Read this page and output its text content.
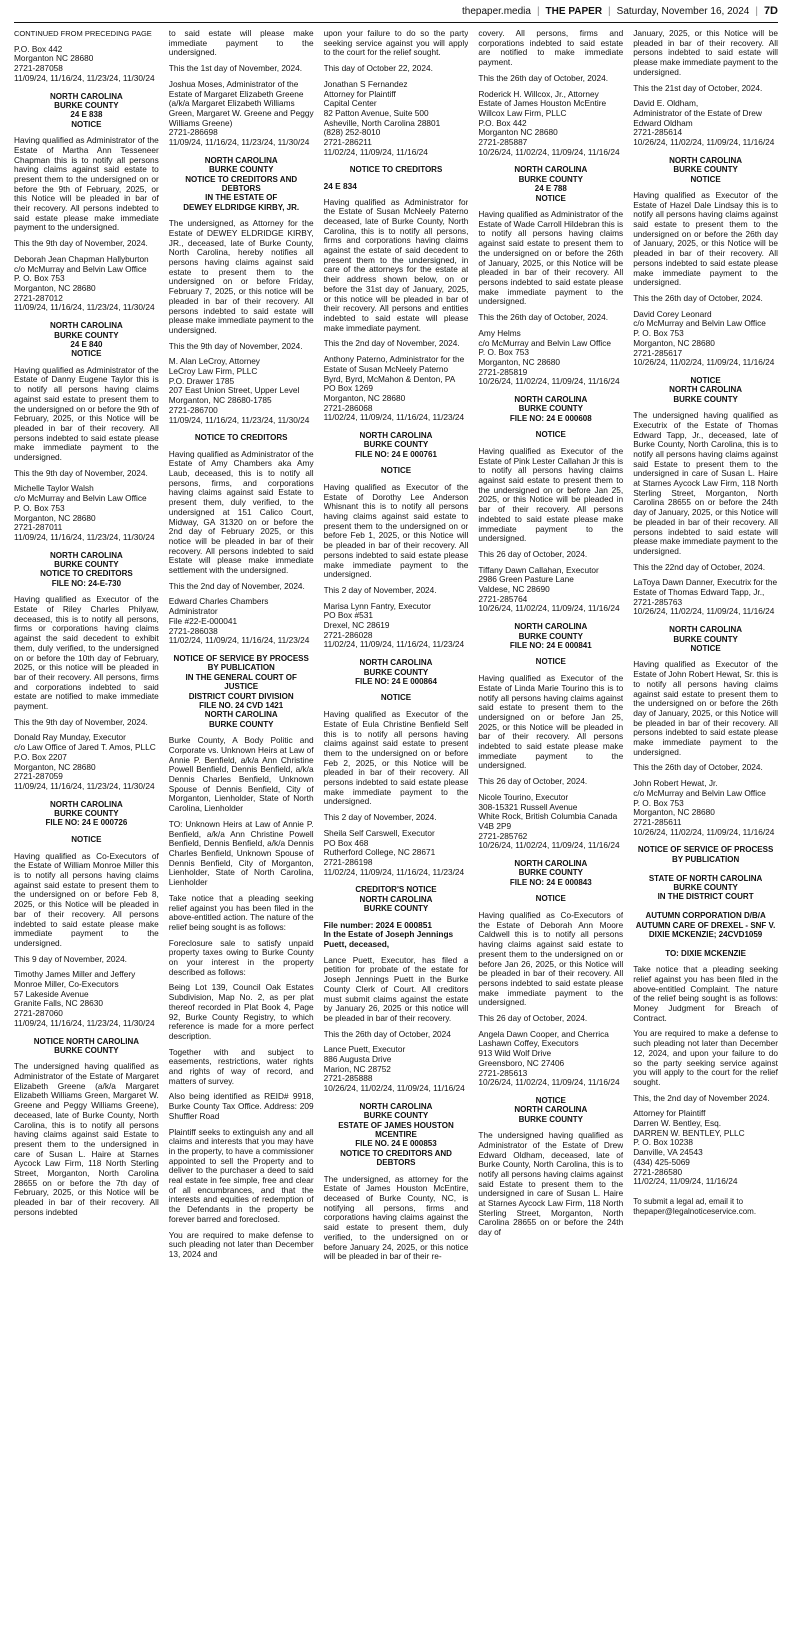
thepaper.media | THE PAPER | Saturday, November 16, 2024 | 7D
CONTINUED FROM PRECEDING PAGE
P.O. Box 442
Morganton NC 28680
2721-287058
11/09/24, 11/16/24, 11/23/24, 11/30/24
NORTH CAROLINA
BURKE COUNTY
24 E 838
NOTICE

Having qualified as Administrator of the Estate of Martha Ann Tesseneer Chapman this is to notify all persons having claims against said estate to present them to the undersigned on or before the 9th of February, 2025, or this Notice will be pleaded in bar of their recovery. All persons indebted to said estate please make immediate payment to the undersigned.

This the 9th day of November, 2024.

Deborah Jean Chapman Hallyburton
c/o McMurray and Belvin Law Office
P. O. Box 753
Morganton, NC 28680
2721-287012
11/09/24, 11/16/24, 11/23/24, 11/30/24
NORTH CAROLINA
BURKE COUNTY
24 E 840
NOTICE

Having qualified as Administrator of the Estate of Danny Eugene Taylor this is to notify all persons having claims against said estate to present them to the undersigned on or before the 9th of February, 2025, or this Notice will be pleaded in bar of their recovery. All persons indebted to said estate please make immediate payment to the undersigned.

This the 9th day of November, 2024.

Michelle Taylor Walsh
c/o McMurray and Belvin Law Office
P. O. Box 753
Morganton, NC 28680
2721-287011
11/09/24, 11/16/24, 11/23/24, 11/30/24
NORTH CAROLINA
BURKE COUNTY
NOTICE TO CREDITORS
FILE NO: 24-E-730

Having qualified as Executor of the Estate of Riley Charles Philyaw, deceased, this is to notify all persons, firms or corporations having claims against the said decedent to exhibit them, duly verified, to the undersigned on or before the 10th day of February, 2025, or this notice will be pleaded in bar of their recovery. All persons, firms and corporations indebted to said estate are notified to make immediate payment.

This the 9th day of November, 2024.

Donald Ray Munday, Executor
c/o Law Office of Jared T. Amos, PLLC
P.O. Box 2207
Morganton, NC 28680
2721-287059
11/09/24, 11/16/24, 11/23/24, 11/30/24
NORTH CAROLINA
BURKE COUNTY
FILE NO: 24 E 000726
NOTICE

Having qualified as Co-Executors of the Estate of William Monroe Miller this is to notify all persons having claims against said estate to present them to the undersigned on or before Feb 8, 2025, or this Notice will be pleaded in bar of their recovery. All persons indebted to said estate please make immediate payment to the undersigned.

This 9 day of November, 2024.

Timothy James Miller and Jeffery Monroe Miller, Co-Executors
57 Lakeside Avenue
Granite Falls, NC 28630
2721-287060
11/09/24, 11/16/24, 11/23/24, 11/30/24
NOTICE NORTH CAROLINA
BURKE COUNTY

The undersigned having qualified as Administrator of the Estate of Margaret Elizabeth Greene (a/k/a Margaret Elizabeth Williams Green, Margaret W. Greene and Peggy Williams Greene), deceased, late of Burke County, North Carolina, this is to notify all persons having claims against said Estate to present them to the undersigned in care of Susan L. Haire at Starnes Aycock Law Firm, 118 North Sterling Street, Morganton, North Carolina 28655 on or before the 7th day of February, 2025, or this Notice will be pleaded in bar of their recovery. All persons indebted

to said estate will please make immediate payment to the undersigned.

This the 1st day of November, 2024.

Joshua Moses, Administrator of the Estate of Margaret Elizabeth Greene (a/k/a Margaret Elizabeth Williams Green, Margaret W. Greene and Peggy Williams Greene)
2721-286698
11/09/24, 11/16/24, 11/23/24, 11/30/24
NORTH CAROLINA
BURKE COUNTY
NOTICE TO CREDITORS AND DEBTORS
IN THE ESTATE OF
DEWEY ELDRIDGE KIRBY, JR.

The undersigned, as Attorney for the Estate of DEWEY ELDRIDGE KIRBY, JR., deceased, late of Burke County, North Carolina, hereby notifies all persons having claims against said estate to present them to the undersigned on or before Friday, February 7, 2025, or this notice will be pleaded in bar of their recovery. All persons indebted to said estate will please make immediate payment to the undersigned.

This the 9th day of November, 2024.

M. Alan LeCroy, Attorney
LeCroy Law Firm, PLLC
P.O. Drawer 1785
207 East Union Street, Upper Level
Morganton, NC 28680-1785
2721-286700
11/09/24, 11/16/24, 11/23/24, 11/30/24
NOTICE TO CREDITORS

Having qualified as Administrator of the Estate of Amy Chambers aka Amy Laub, deceased, this is to notify all persons, firms, and corporations having claims against said Estate to present them, duly verified, to the undersigned at 151 Calico Court, Midway, GA 31320 on or before the 2nd day of February 2025, or this notice will be pleaded in bar of their recovery. All persons indebted to said Estate will please make immediate settlement with the undersigned.

This the 2nd day of November, 2024.

Edward Charles Chambers
Administrator
File #22-E-000041
2721-286038
11/02/24, 11/09/24, 11/16/24, 11/23/24
NOTICE OF SERVICE BY PROCESS BY PUBLICATION
IN THE GENERAL COURT OF JUSTICE
DISTRICT COURT DIVISION
FILE NO. 24 CVD 1421
NORTH CAROLINA
BURKE COUNTY

Burke County, A Body Politic and Corporate vs. Unknown Heirs at Law of Annie P. Benfield, a/k/a Ann Christine Powell Benfield, Dennis Benfield, a/k/a Dennis Charles Benfield, Unknown Spouse of Dennis Benfield, City of Morganton, Lienholder, State of North Carolina, Lienholder

TO: Unknown Heirs at Law of Annie P. Benfield, a/k/a Ann Christine Powell Benfield, Dennis Benfield, a/k/a Dennis Charles Benfield, Unknown Spouse of Dennis Benfield, City of Morganton, Lienholder, State of North Carolina, Lienholder

Take notice that a pleading seeking relief against you has been filed in the above-entitled action. The nature of the relief being sought is as follows:

Foreclosure sale to satisfy unpaid property taxes owing to Burke County on your interest in the property described as follows:

Being Lot 139, Council Oak Estates Subdivision, Map No. 2, as per plat thereof recorded in Plat Book 4, Page 92, Burke County Registry, to which reference is made for a more perfect description.

Together with and subject to easements, restrictions, water rights and rights of way of record, and matters of survey.

Also being identified as REID# 9918, Burke County Tax Office. Address: 209 Shuffler Road

Plaintiff seeks to extinguish any and all claims and interests that you may have in the property, to have a commissioner appointed to sell the Property and to deliver to the purchaser a deed to said real estate in fee simple, free and clear of all encumbrances, and that the interests and equities of redemption of the Defendants in the property be forever barred and foreclosed.

You are required to make defense to such pleading not later than December 13, 2024 and

upon your failure to do so the party seeking service against you will apply to the court for the relief sought.

This day of October 22, 2024.

Jonathan S Fernandez
Attorney for Plaintiff
Capital Center
82 Patton Avenue, Suite 500
Asheville, North Carolina 28801
(828) 252-8010
2721-286211
11/02/24, 11/09/24, 11/16/24
NOTICE TO CREDITORS
24 E 834

Having qualified as Administrator for the Estate of Susan McNeely Paterno deceased, late of Burke County, North Carolina, this is to notify all persons, firms and corporations having claims against the estate of said decedent to present them to the undersigned, in care of the attorneys for the estate at their address shown below, on or before the 31st day of January, 2025, or this notice will be pleaded in bar of their recovery. All persons and entities indebted to said estate will please make immediate payment.

This the 2nd day of November, 2024.

Anthony Paterno, Administrator for the Estate of Susan McNeely Paterno
Byrd, Byrd, McMahon & Denton, PA
PO Box 1269
Morganton, NC 28680
2721-286068
11/02/24, 11/09/24, 11/16/24, 11/23/24
NORTH CAROLINA
BURKE COUNTY
FILE NO: 24 E 000761
NOTICE

Having qualified as Executor of the Estate of Dorothy Lee Anderson Whisnant this is to notify all persons having claims against said estate to present them to the undersigned on or before Feb 1, 2025, or this Notice will be pleaded in bar of their recovery. All persons indebted to said estate please make immediate payment to the undersigned.

This 2 day of November, 2024.

Marisa Lynn Fantry, Executor
PO Box #531
Drexel, NC 28619
2721-286028
11/02/24, 11/09/24, 11/16/24, 11/23/24
NORTH CAROLINA
BURKE COUNTY
FILE NO: 24 E 000864
NOTICE

Having qualified as Executor of the Estate of Eula Christine Benfield Self this is to notify all persons having claims against said estate to present them to the undersigned on or before Feb 2, 2025, or this Notice will be pleaded in bar of their recovery. All persons indebted to said estate please make immediate payment to the undersigned.

This 2 day of November, 2024.

Sheila Self Carswell, Executor
PO Box 468
Rutherford College, NC 28671
2721-286198
11/02/24, 11/09/24, 11/16/24, 11/23/24
CREDITOR'S NOTICE
NORTH CAROLINA
BURKE COUNTY
File number: 2024 E 000851
In the Estate of Joseph Jennings Puett, deceased,

Lance Puett, Executor, has filed a petition for probate of the estate for Joseph Jennings Puett in the Burke County Clerk of Court. All creditors must submit claims against the estate by January 26, 2025 or this notice will be pleaded in bar of their recovery.

This the 26th day of October, 2024

Lance Puett, Executor
886 Augusta Drive
Marion, NC 28752
2721-285888
10/26/24, 11/02/24, 11/09/24, 11/16/24
NORTH CAROLINA
BURKE COUNTY
ESTATE OF JAMES HOUSTON MCENTIRE
FILE NO. 24 E 000853
NOTICE TO CREDITORS AND DEBTORS

The undersigned, as attorney for the Estate of James Houston McEntire, deceased of Burke County, NC, is notifying all persons, firms and corporations having claims against the said estate to present them, duly verified, to the undersigned on or before January 24, 2025, or this notice will be pleaded in bar of their re-

covery. All persons, firms and corporations indebted to said estate are notified to make immediate payment.

This the 26th day of October, 2024.

Roderick H. Willcox, Jr., Attorney
Estate of James Houston McEntire
Willcox Law Firm, PLLC
P.O. Box 442
Morganton NC 28680
2721-285887
10/26/24, 11/02/24, 11/09/24, 11/16/24
NORTH CAROLINA
BURKE COUNTY
24 E 788
NOTICE

Having qualified as Administrator of the Estate of Wade Carroll Hildebran this is to notify all persons having claims against said estate to present them to the undersigned on or before the 26th of January, 2025, or this Notice will be pleaded in bar of their recovery. All persons indebted to said estate please make immediate payment to the undersigned.

This the 26th day of October, 2024.

Amy Helms
c/o McMurray and Belvin Law Office
P. O. Box 753
Morganton, NC 28680
2721-285819
10/26/24, 11/02/24, 11/09/24, 11/16/24
NORTH CAROLINA
BURKE COUNTY
FILE NO: 24 E 000608
NOTICE

Having qualified as Executor of the Estate of Pink Lester Callahan Jr this is to notify all persons having claims against said estate to present them to the undersigned on or before Jan 25, 2025, or this Notice will be pleaded in bar of their recovery. All persons indebted to said estate please make immediate payment to the undersigned.

This 26 day of October, 2024.

Tiffany Dawn Callahan, Executor
2986 Green Pasture Lane
Valdese, NC 28690
2721-285764
10/26/24, 11/02/24, 11/09/24, 11/16/24
NORTH CAROLINA
BURKE COUNTY
FILE NO: 24 E 000841
NOTICE

Having qualified as Executor of the Estate of Linda Marie Tourino this is to notify all persons having claims against said estate to present them to the undersigned on or before Jan 25, 2025, or this Notice will be pleaded in bar of their recovery. All persons indebted to said estate please make immediate payment to the undersigned.

This 26 day of October, 2024.

Nicole Tourino, Executor
308-15321 Russell Avenue
White Rock, British Columbia Canada V4B 2P9
2721-285762
10/26/24, 11/02/24, 11/09/24, 11/16/24
NORTH CAROLINA
BURKE COUNTY
FILE NO: 24 E 000843
NOTICE

Having qualified as Co-Executors of the Estate of Deborah Ann Moore Caldwell this is to notify all persons having claims against said estate to present them to the undersigned on or before Jan 26, 2025, or this Notice will be pleaded in bar of their recovery. All persons indebted to said estate please make immediate payment to the undersigned.

This 26 day of October, 2024.

Angela Dawn Cooper, and Cherrica Lashawn Coffey, Executors
913 Wild Wolf Drive
Greensboro, NC 27406
2721-285613
10/26/24, 11/02/24, 11/09/24, 11/16/24
NOTICE
NORTH CAROLINA
BURKE COUNTY

The undersigned having qualified as Administrator of the Estate of Drew Edward Oldham, deceased, late of Burke County, North Carolina, this is to notify all persons having claims against said Estate to present them to the undersigned in care of Susan L. Haire at Starnes Aycock Law Firm, 118 North Sterling Street, Morganton, North Carolina 28655 on or before the 24th day of

January, 2025, or this Notice will be pleaded in bar of their recovery. All persons indebted to said estate will please make immediate payment to the undersigned.

This the 21st day of October, 2024.

David E. Oldham,
Administrator of the Estate of Drew Edward Oldham
2721-285614
10/26/24, 11/02/24, 11/09/24, 11/16/24
NORTH CAROLINA
BURKE COUNTY
NOTICE

Having qualified as Executor of the Estate of Hazel Dale Lindsay this is to notify all persons having claims against said estate to present them to the undersigned on or before the 26th day of January, 2025, or this Notice will be pleaded in bar of their recovery. All persons indebted to said estate please make immediate payment to the undersigned.

This the 26th day of October, 2024.

David Corey Leonard
c/o McMurray and Belvin Law Office
P. O. Box 753
Morganton, NC 28680
2721-285617
10/26/24, 11/02/24, 11/09/24, 11/16/24
NOTICE
NORTH CAROLINA
BURKE COUNTY

The undersigned having qualified as Executrix of the Estate of Thomas Edward Tapp, Jr., deceased, late of Burke County, North Carolina, this is to notify all persons having claims against said Estate to present them to the undersigned in care of Susan L. Haire at Starnes Aycock Law Firm, 118 North Sterling Street, Morganton, North Carolina 28655 on or before the 24th day of January, 2025, or this Notice will be pleaded in bar of their recovery. All persons indebted to said estate will please make immediate payment to the undersigned.

This the 22nd day of October, 2024.

LaToya Dawn Danner, Executrix for the Estate of Thomas Edward Tapp, Jr.,
2721-285763
10/26/24, 11/02/24, 11/09/24, 11/16/24
NORTH CAROLINA
BURKE COUNTY
NOTICE

Having qualified as Executor of the Estate of John Robert Hewat, Sr. this is to notify all persons having claims against said estate to present them to the undersigned on or before the 26th day of January, 2025, or this Notice will be pleaded in bar of their recovery. All persons indebted to said estate please make immediate payment to the undersigned.

This the 26th day of October, 2024.

John Robert Hewat, Jr.
c/o McMurray and Belvin Law Office
P. O. Box 753
Morganton, NC 28680
2721-285611
10/26/24, 11/02/24, 11/09/24, 11/16/24
NOTICE OF SERVICE OF PROCESS BY PUBLICATION

STATE OF NORTH CAROLINA
BURKE COUNTY
IN THE DISTRICT COURT

AUTUMN CORPORATION D/B/A AUTUMN CARE OF DREXEL - SNF V. DIXIE MCKENZIE; 24CVD1059

TO: DIXIE MCKENZIE

Take notice that a pleading seeking relief against you has been filed in the above-entitled Complaint. The nature of the relief being sought is as follows: Money Judgment for Breach of Contract.

You are required to make a defense to such pleading not later than December 12, 2024, and upon your failure to do so the party seeking service against you will apply to the court for the relief sought.

This, the 2nd day of November 2024.

Attorney for Plaintiff
Darren W. Bentley, Esq.
DARREN W. BENTLEY, PLLC
P. O. Box 10238
Danville, VA 24543
(434) 425-5069
2721-286580
11/02/24, 11/09/24, 11/16/24
To submit a legal ad, email it to thepaper@legalnoticeservice.com.
